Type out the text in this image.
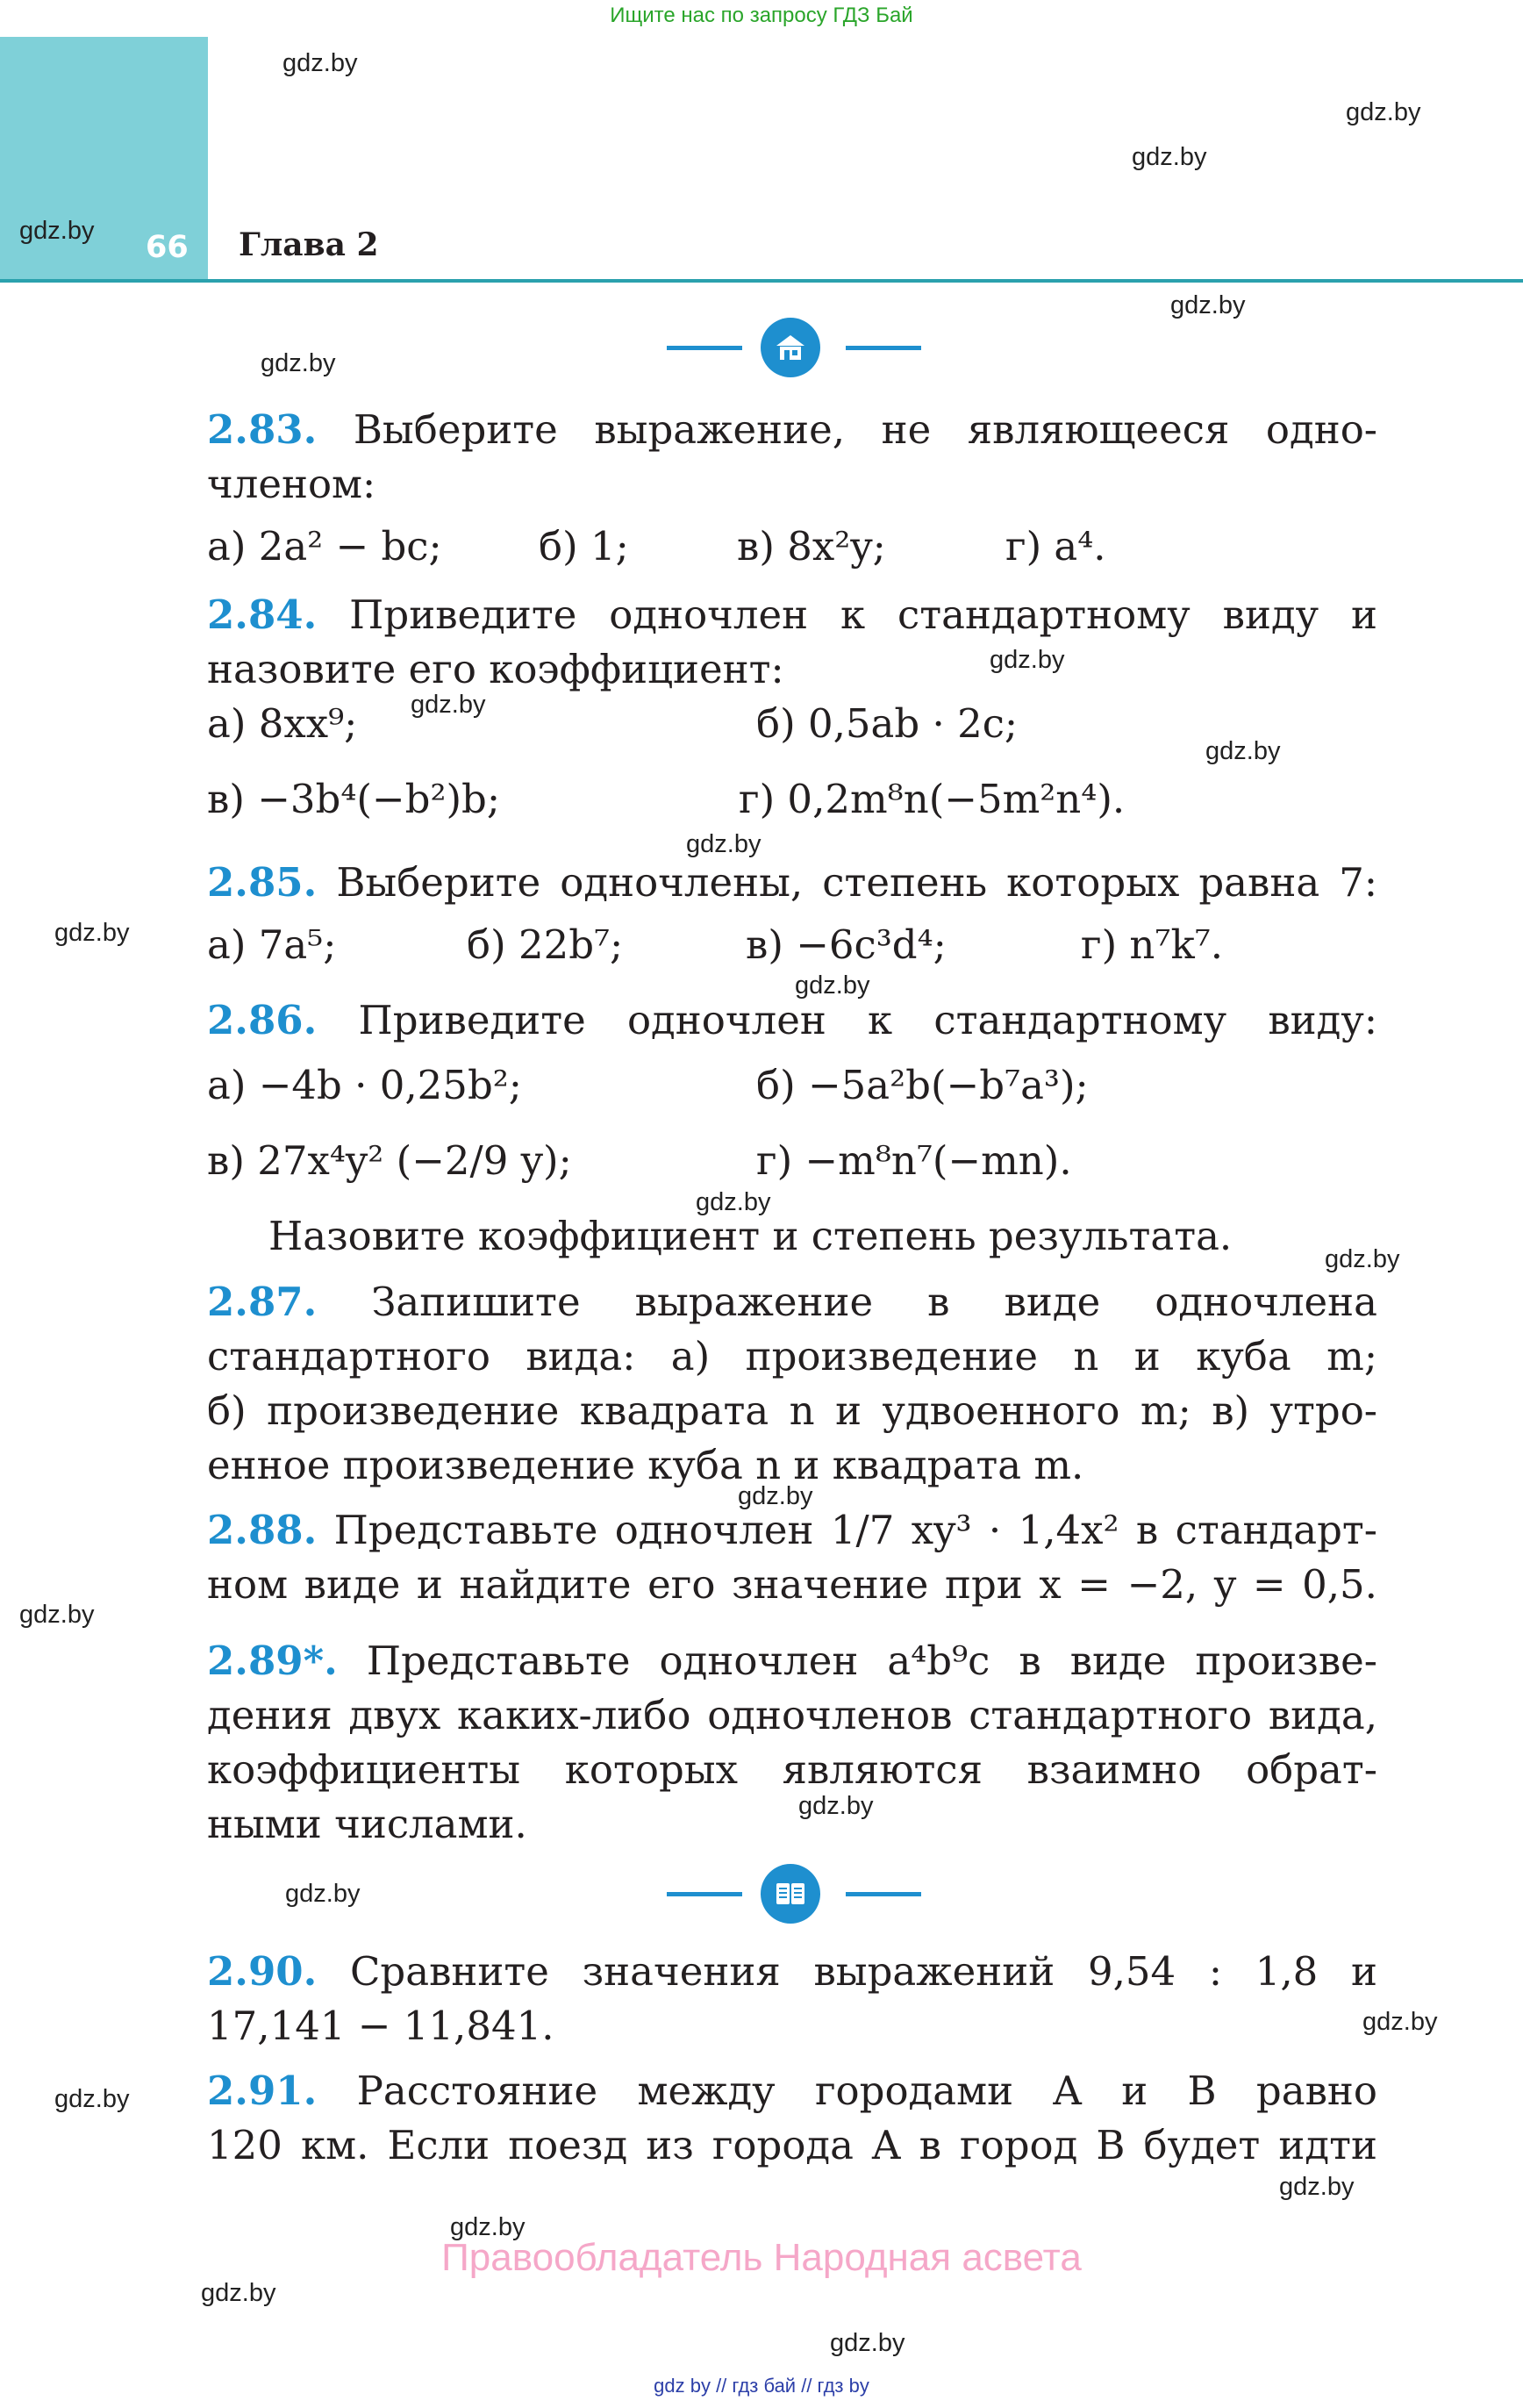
Ищите нас по запросу ГДЗ Бай
66 Глава 2
gdz.by
gdz.by
gdz.by
gdz.by
gdz.by
gdz.by
gdz.by
gdz.by
gdz.by
gdz.by
gdz.by
gdz.by
gdz.by
gdz.by
gdz.by
gdz.by
gdz.by
gdz.by
gdz.by
gdz.by
gdz.by
gdz.by
gdz.by
gdz.by
2.83. Выберите выражение, не являющееся одно-
членом:
а) 2a² − bc; б) 1;	в) 8x²y;	г) a⁴.
2.84. Приведите одночлен к стандартному виду и
назовите его коэффициент:
а) 8xx⁹;	б) 0,5ab · 2c;
в) −3b⁴(−b²)b;	г) 0,2m⁸n(−5m²n⁴).
2.85. Выберите одночлены, степень которых равна 7:
а) 7a⁵;	б) 22b⁷;	в) −6c³d⁴;	г) n⁷k⁷.
2.86. Приведите одночлен к стандартному виду:
а) −4b · 0,25b²;	б) −5a²b(−b⁷a³);
в) 27x⁴y² (−2/9 y);	г) −m⁸n⁷(−mn).
Назовите коэффициент и степень результата.
2.87. Запишите выражение в виде одночлена
стандартного вида: а) произведение n и куба m;
б) произведение квадрата n и удвоенного m; в) утро-
енное произведение куба n и квадрата m.
2.88. Представьте одночлен 1/7 xy³ · 1,4x² в стандарт-
ном виде и найдите его значение при x = −2, y = 0,5.
2.89*. Представьте одночлен a⁴b⁹c в виде произве-
дения двух каких-либо одночленов стандартного вида,
коэффициенты которых являются взаимно обрат-
ными числами.
2.90. Сравните значения выражений 9,54 : 1,8 и
17,141 − 11,841.
2.91. Расстояние между городами A и B равно
120 км. Если поезд из города A в город B будет идти
Правообладатель Народная асвета
gdz by // гдз бай // гдз by
